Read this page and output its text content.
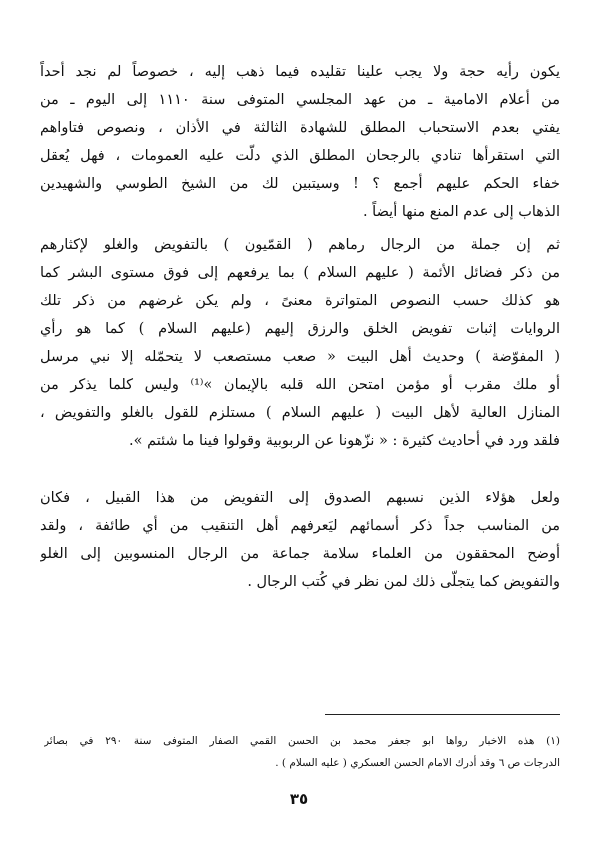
يكون رأيه حجة ولا يجب علينا تقليده فيما ذهب إليه ، خصوصاً لم نجد أحداً
من أعلام الامامية ـ من عهد المجلسي المتوفى سنة ١١١٠ إلى اليوم ـ من
يفتي بعدم الاستحباب المطلق للشهادة الثالثة في الأذان ، ونصوص فتاواهم
التي استقرأها تنادي بالرجحان المطلق الذي دلّت عليه العمومات ، فهل يُعقل
خفاء الحكم عليهم أجمع ؟ ! وسيتبين لك من الشيخ الطوسي والشهيدين
الذهاب إلى عدم المنع منها أيضاً .
ثم إن جملة من الرجال رماهم ( القمّيون ) بالتفويض والغلو لإكثارهم
من ذكر فضائل الأئمة ( عليهم السلام ) بما يرفعهم إلى فوق مستوى البشر كما
هو كذلك حسب النصوص المتواترة معنىً ، ولم يكن غرضهم من ذكر تلك
الروايات إثبات تفويض الخلق والرزق إليهم (عليهم السلام ) كما هو رأي
( المفوّضة ) وحديث أهل البيت « صعب مستصعب لا يتحمّله إلا نبي مرسل
أو ملك مقرب أو مؤمن امتحن الله قلبه بالإيمان »⁽¹⁾ وليس كلما يذكر من
المنازل العالية لأهل البيت ( عليهم السلام ) مستلزم للقول بالغلو والتفويض ،
فلقد ورد في أحاديث كثيرة : « نزّهونا عن الربوبية وقولوا فينا ما شئتم ».
ولعل هؤلاء الذين نسبهم الصدوق إلى التفويض من هذا القبيل ، فكان
من المناسب جداً ذكر أسمائهم ليَعرفهم أهل التنقيب من أي طائفة ، ولقد
أوضح المحققون من العلماء سلامة جماعة من الرجال المنسوبين إلى الغلو
والتفويض كما يتجلّى ذلك لمن نظر في كُتب الرجال .
(١) هذه الاخبار رواها ابو جعفر محمد بن الحسن القمي الصفار المتوفى سنة ٢٩٠ في بصائر
الدرجات ص ٦ وقد أدرك الامام الحسن العسكري ( عليه السلام ) .
٣٥
